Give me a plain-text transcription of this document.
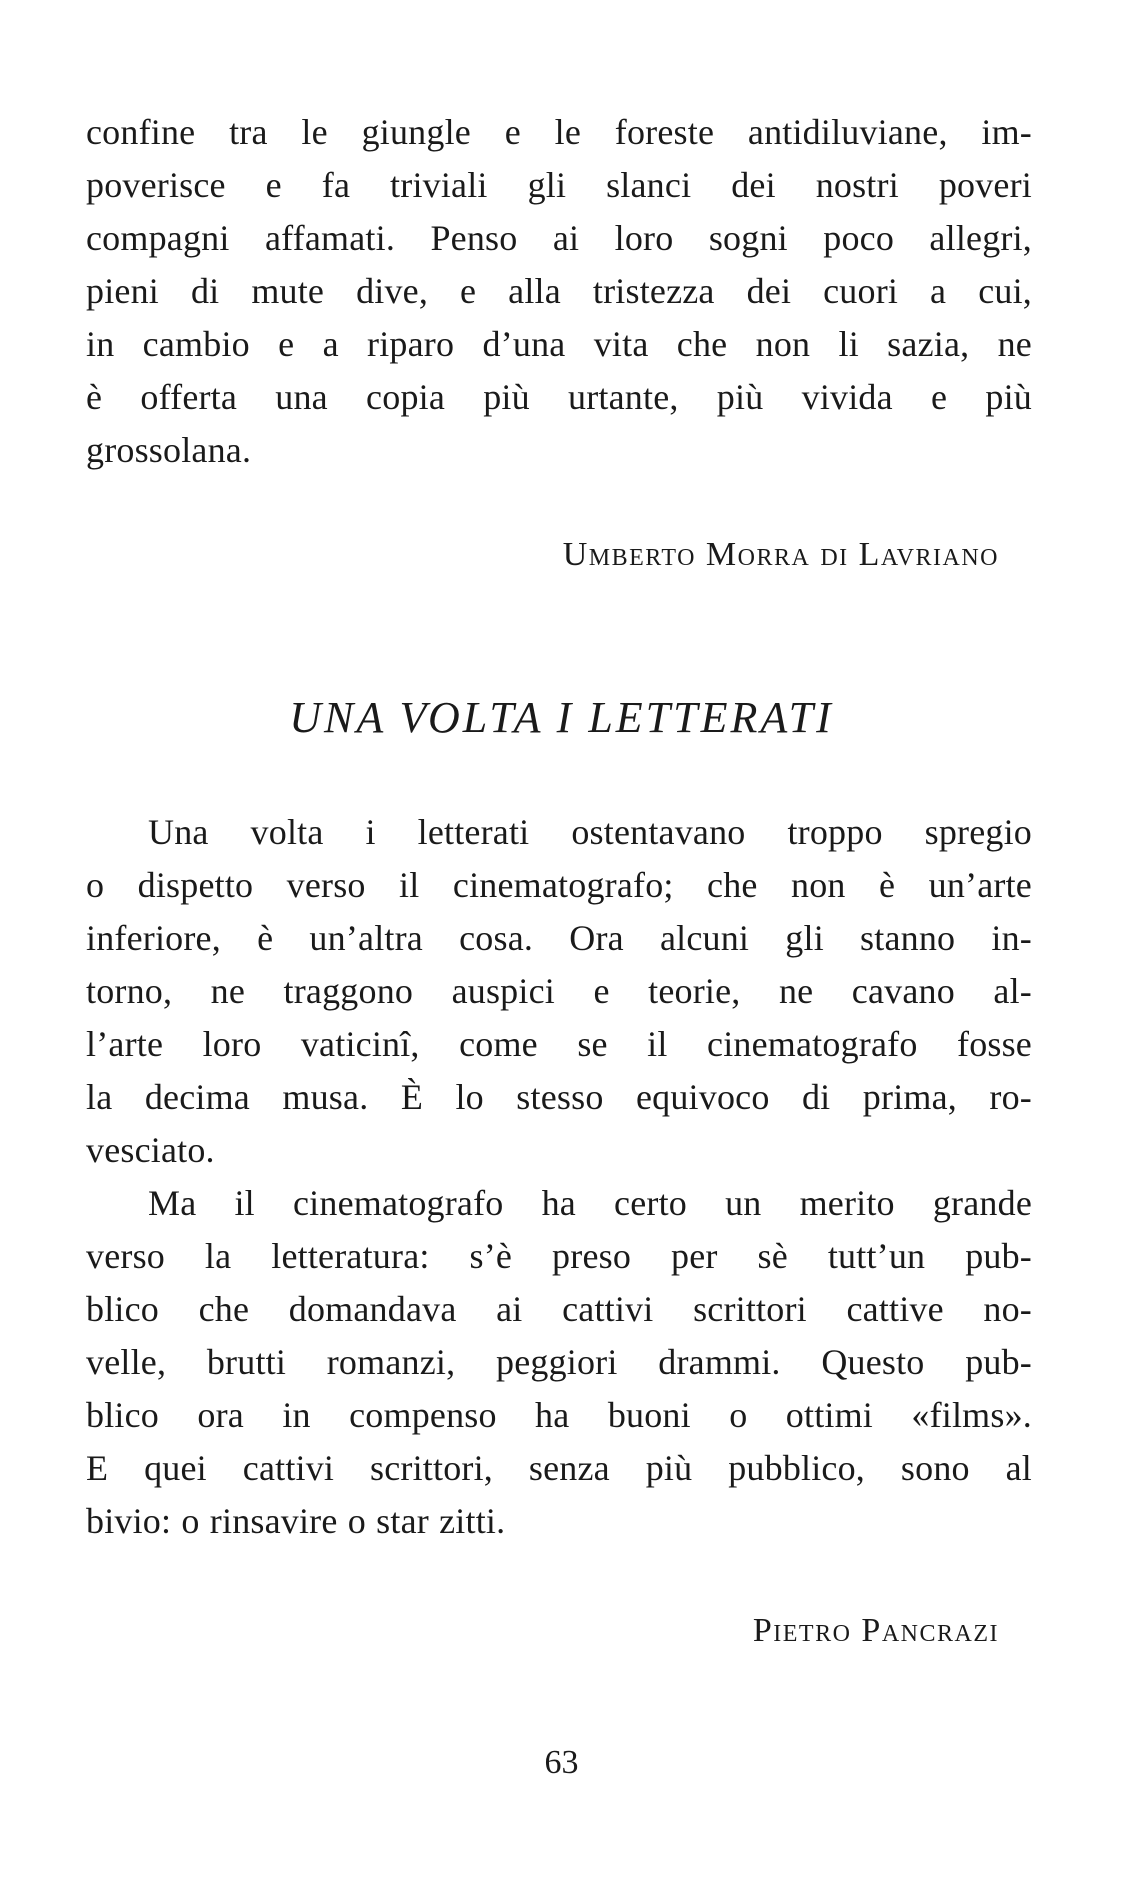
confine tra le giungle e le foreste antidiluviane, im-
poverisce e fa triviali gli slanci dei nostri poveri
compagni affamati. Penso ai loro sogni poco allegri,
pieni di mute dive, e alla tristezza dei cuori a cui,
in cambio e a riparo d’una vita che non li sazia, ne
è offerta una copia più urtante, più vivida e più
grossolana.
Umberto Morra di Lavriano
UNA VOLTA I LETTERATI
Una volta i letterati ostentavano troppo spregio
o dispetto verso il cinematografo; che non è un’arte
inferiore, è un’altra cosa. Ora alcuni gli stanno in-
torno, ne traggono auspici e teorie, ne cavano al-
l’arte loro vaticinî, come se il cinematografo fosse
la decima musa. È lo stesso equivoco di prima, ro-
vesciato.
Ma il cinematografo ha certo un merito grande
verso la letteratura: s’è preso per sè tutt’un pub-
blico che domandava ai cattivi scrittori cattive no-
velle, brutti romanzi, peggiori drammi. Questo pub-
blico ora in compenso ha buoni o ottimi «films».
E quei cattivi scrittori, senza più pubblico, sono al
bivio: o rinsavire o star zitti.
Pietro Pancrazi
63
